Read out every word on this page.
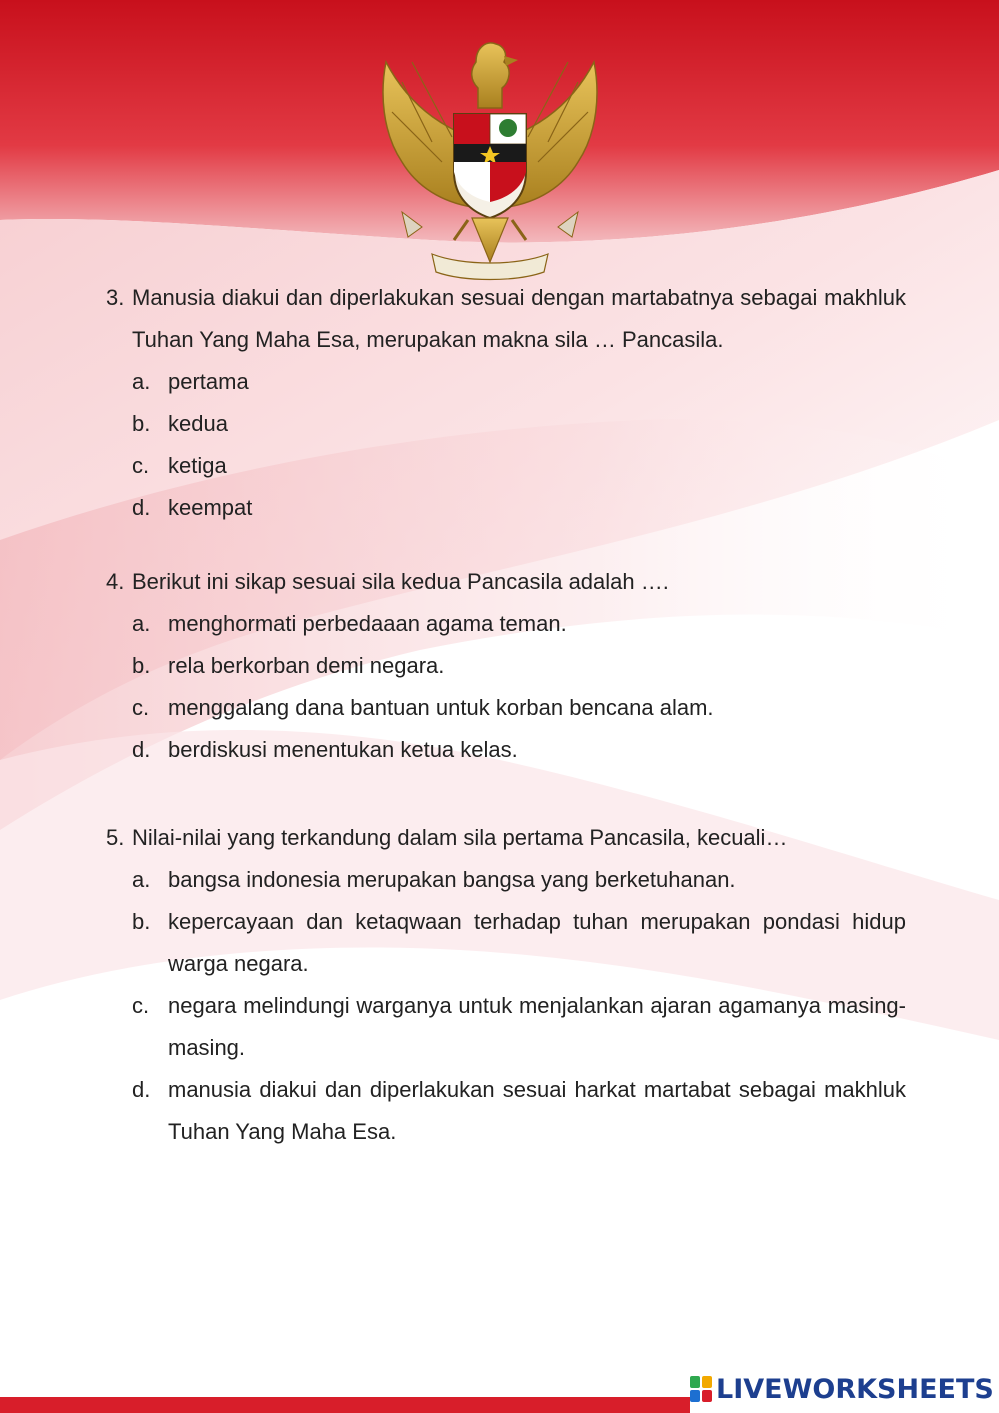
3. Manusia diakui dan diperlakukan sesuai dengan martabatnya sebagai makhluk Tuhan Yang Maha Esa, merupakan makna sila … Pancasila.
a. pertama
b. kedua
c. ketiga
d. keempat
4. Berikut ini sikap sesuai sila kedua Pancasila adalah ….
a. menghormati perbedaaan agama teman.
b. rela berkorban demi negara.
c. menggalang dana bantuan untuk korban bencana alam.
d. berdiskusi menentukan ketua kelas.
5. Nilai-nilai yang terkandung dalam sila pertama Pancasila, kecuali…
a. bangsa indonesia merupakan bangsa yang berketuhanan.
b. kepercayaan dan ketaqwaan terhadap tuhan merupakan pondasi hidup warga negara.
c. negara melindungi warganya untuk menjalankan ajaran agamanya masing-masing.
d. manusia diakui dan diperlakukan sesuai harkat martabat sebagai makhluk Tuhan Yang Maha Esa.
LIVEWORKSHEETS
